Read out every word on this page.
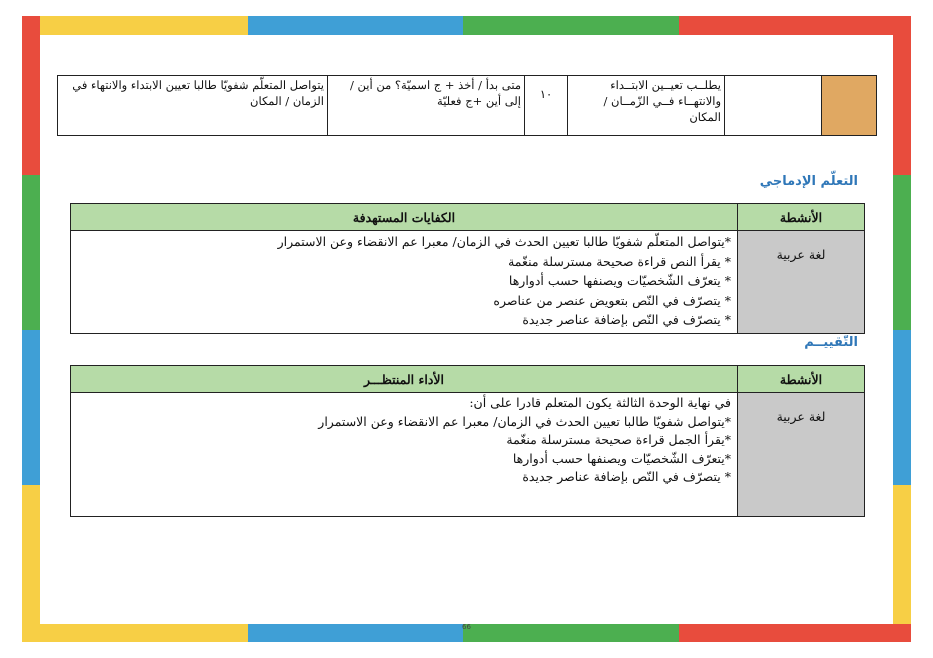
		يطلــب تعيــين الابتــداء والانتهــاء فــي الزّمــان / المكان	١٠	متى بدأ / أخذ + ج اسميّة؟ من أين / إلى أين +ج فعليّة	يتواصل المتعلّم شفويّا طالبا تعيين الابتداء والانتهاء في الزمان / المكان
التعلّم الإدماجي
الأنشطة	الكفايات المستهدفة
لغة عربية	*يتواصل المتعلّم شفويّا طالبا تعيين الحدث في الزمان/ معبرا عم الانقضاء وعن الاستمرار
* يقرأ النص قراءة صحيحة مسترسلة منغّمة
* يتعرّف الشّخصيّات ويصنفها حسب أدوارها
* يتصرّف في النّص بتعويض عنصر من عناصره
* يتصرّف في النّص بإضافة عناصر جديدة
التّقييــم
الأنشطة	الأداء المنتظـــر
لغة عربية	في نهاية الوحدة الثالثة يكون المتعلم قادرا على أن:
*يتواصل شفويّا طالبا تعيين الحدث في الزمان/ معبرا عم الانقضاء وعن الاستمرار
*يقرأ الجمل قراءة صحيحة مسترسلة منغّمة
*يتعرّف الشّخصيّات ويصنفها حسب أدوارها
* يتصرّف في النّص بإضافة عناصر جديدة
66
